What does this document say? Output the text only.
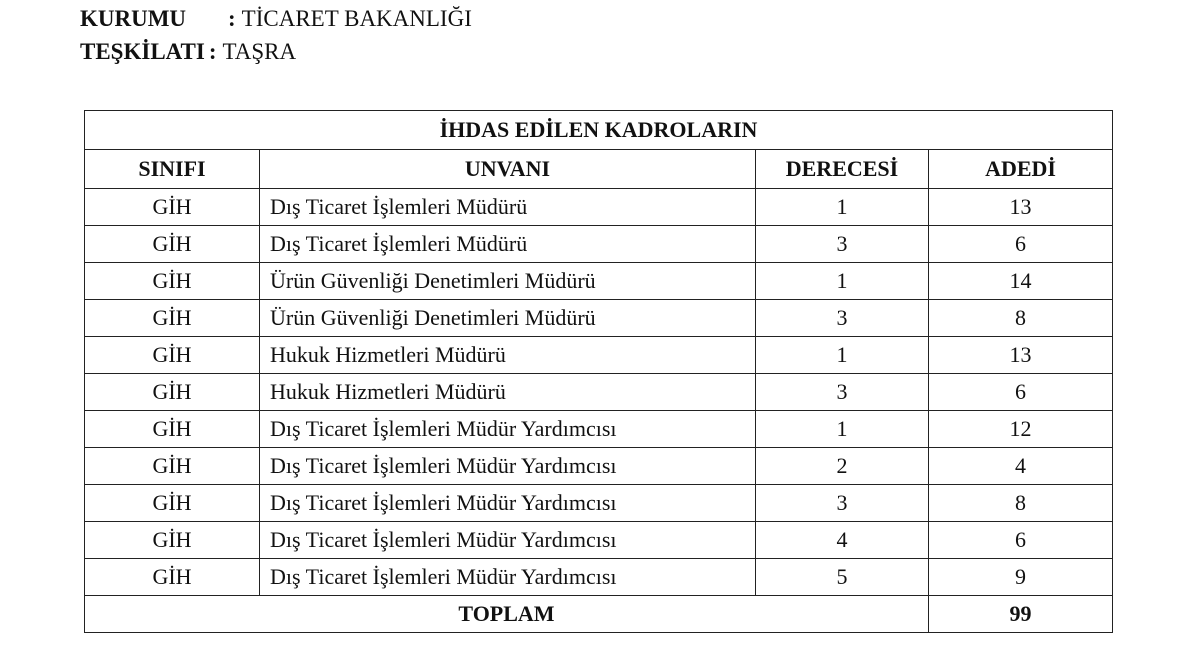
KURUMU	: TİCARET BAKANLIĞI
TEŞKİLATI : TAŞRA
İHDAS EDİLEN KADROLARIN			
SINIFI	UNVANI	DERECESİ	ADEDİ
GİH	Dış Ticaret İşlemleri Müdürü	1	13
GİH	Dış Ticaret İşlemleri Müdürü	3	6
GİH	Ürün Güvenliği Denetimleri Müdürü	1	14
GİH	Ürün Güvenliği Denetimleri Müdürü	3	8
GİH	Hukuk Hizmetleri Müdürü	1	13
GİH	Hukuk Hizmetleri Müdürü	3	6
GİH	Dış Ticaret İşlemleri Müdür Yardımcısı	1	12
GİH	Dış Ticaret İşlemleri Müdür Yardımcısı	2	4
GİH	Dış Ticaret İşlemleri Müdür Yardımcısı	3	8
GİH	Dış Ticaret İşlemleri Müdür Yardımcısı	4	6
GİH	Dış Ticaret İşlemleri Müdür Yardımcısı	5	9
TOPLAM			99
